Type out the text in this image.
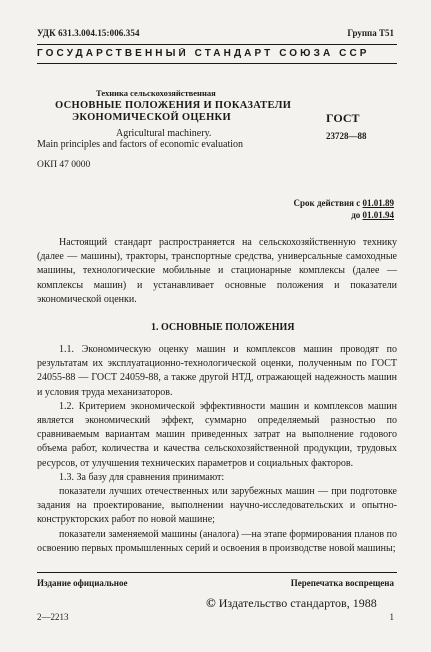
УДК 631.3.004.15:006.354	Группа Т51
ГОСУДАРСТВЕННЫЙ СТАНДАРТ СОЮЗА ССР
Техника сельскохозяйственная
ОСНОВНЫЕ ПОЛОЖЕНИЯ И ПОКАЗАТЕЛИ
ЭКОНОМИЧЕСКОЙ ОЦЕНКИ
Agricultural machinery.
Main principles and factors of economic evaluation
ГОСТ
23728—88
ОКП 47 0000
Срок действия с 01.01.89
до 01.01.94

Настоящий стандарт распространяется на сельскохозяйственную технику (далее — машины), тракторы, транспортные средства, универсальные самоходные машины, технологические мобильные и стационарные комплексы (далее — комплексы машин) и устанавливает основные положения и показатели экономической оценки.

1. ОСНОВНЫЕ ПОЛОЖЕНИЯ

1.1. Экономическую оценку машин и комплексов машин проводят по результатам их эксплуатационно-технологической оценки, полученным по ГОСТ 24055-88 — ГОСТ 24059-88, а также другой НТД, отражающей надежность машин и условия труда механизаторов.

1.2. Критерием экономической эффективности машин и комплексов машин является экономический эффект, суммарно определяемый разностью по сравниваемым вариантам машин приведенных затрат на выполнение годового объема работ, количества и качества сельскохозяйственной продукции, трудовых ресурсов, от улучшения технических параметров и социальных факторов.

1.3. За базу для сравнения принимают:

показатели лучших отечественных или зарубежных машин — при подготовке задания на проектирование, выполнении научно-исследовательских и опытно-конструкторских работ по новой машине;

показатели заменяемой машины (аналога) —на этапе формирования планов по освоению первых промышленных серий и освоения в производстве новой машины;

Издание официальное	Перепечатка воспрещена
© Издательство стандартов, 1988
2—2213	1
